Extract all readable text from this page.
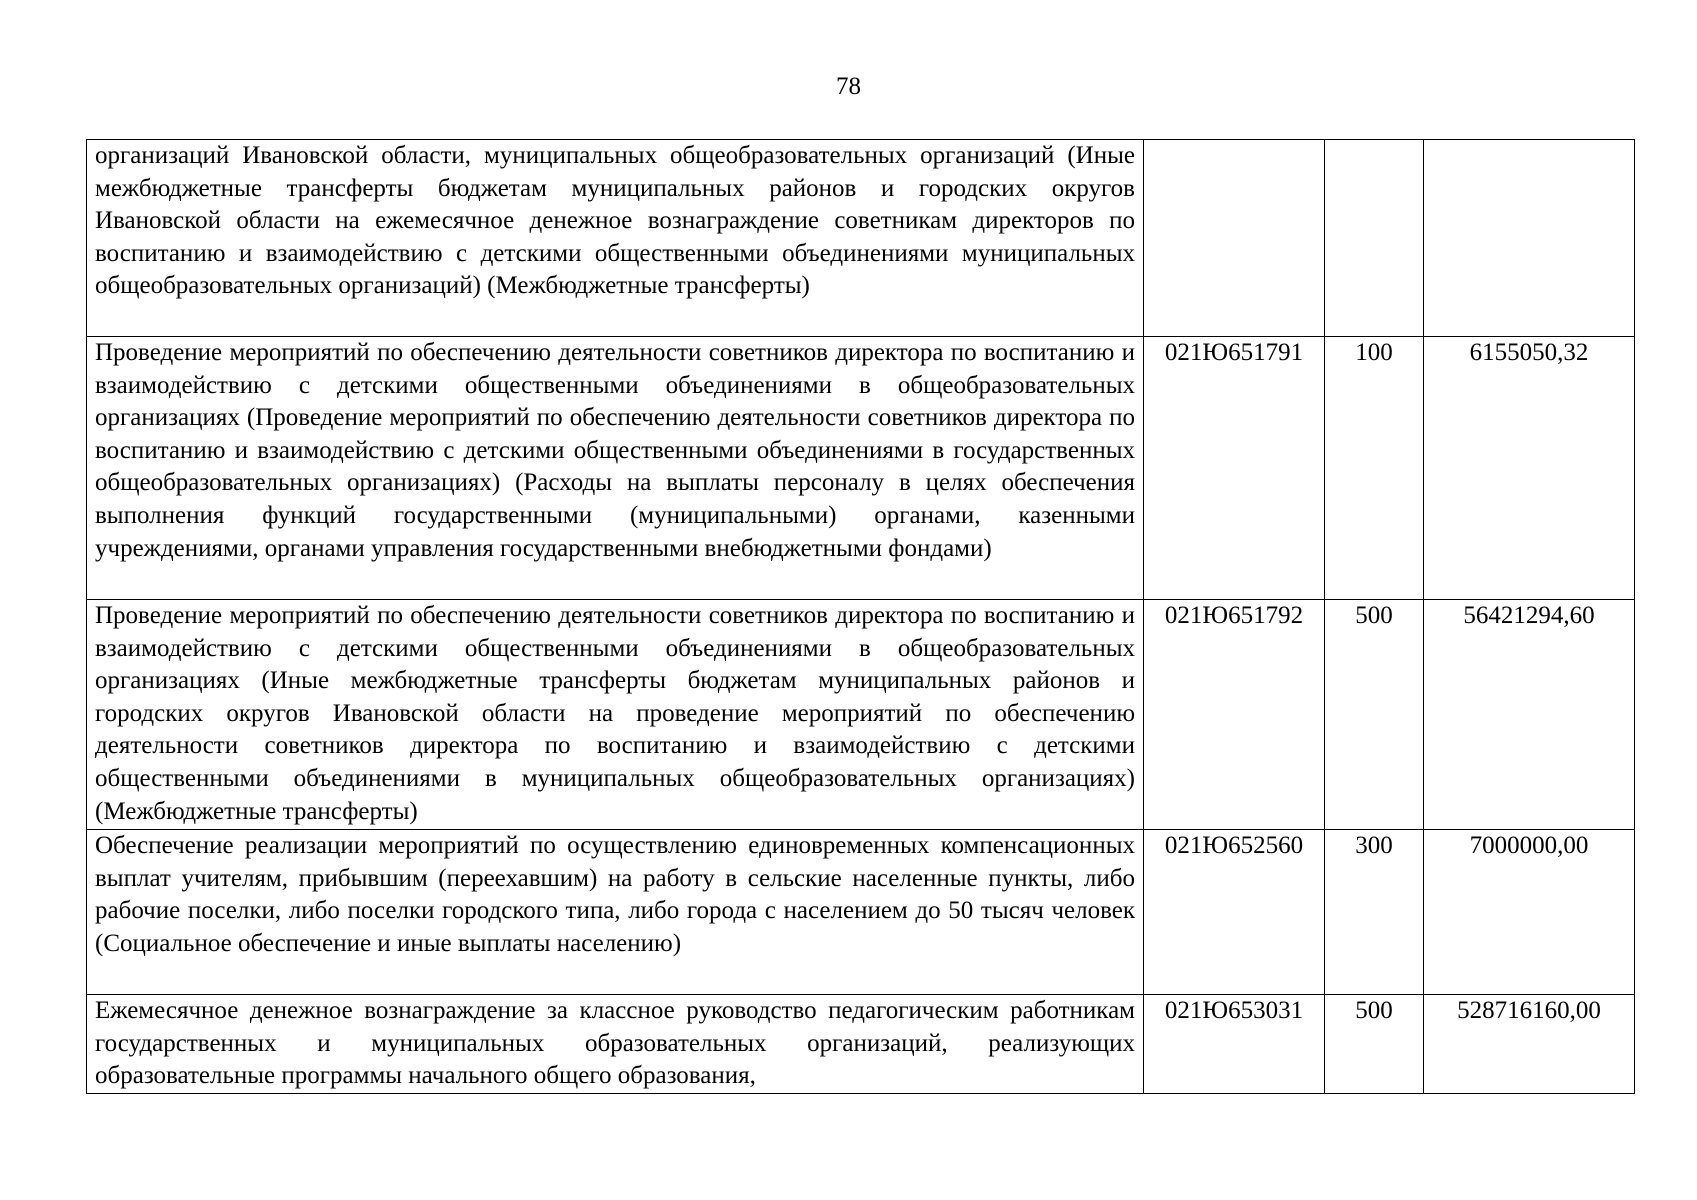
78
организаций Ивановской области, муниципальных общеобразовательных организаций (Иные межбюджетные трансферты бюджетам муниципальных районов и городских округов Ивановской области на ежемесячное денежное вознаграждение советникам директоров по воспитанию и взаимодействию с детскими общественными объединениями муниципальных общеобразовательных организаций) (Межбюджетные трансферты)			
Проведение мероприятий по обеспечению деятельности советников директора по воспитанию и взаимодействию с детскими общественными объединениями в общеобразовательных организациях (Проведение мероприятий по обеспечению деятельности советников директора по воспитанию и взаимодействию с детскими общественными объединениями в государственных общеобразовательных организациях) (Расходы на выплаты персоналу в целях обеспечения выполнения функций государственными (муниципальными) органами, казенными учреждениями, органами управления государственными внебюджетными фондами)	021Ю651791	100	6155050,32
Проведение мероприятий по обеспечению деятельности советников директора по воспитанию и взаимодействию с детскими общественными объединениями в общеобразовательных организациях (Иные межбюджетные трансферты бюджетам муниципальных районов и городских округов Ивановской области на проведение мероприятий по обеспечению деятельности советников директора по воспитанию и взаимодействию с детскими общественными объединениями в муниципальных общеобразовательных организациях) (Межбюджетные трансферты)	021Ю651792	500	56421294,60
Обеспечение реализации мероприятий по осуществлению единовременных компенсационных выплат учителям, прибывшим (переехавшим) на работу в сельские населенные пункты, либо рабочие поселки, либо поселки городского типа, либо города с населением до 50 тысяч человек (Социальное обеспечение и иные выплаты населению)	021Ю652560	300	7000000,00
Ежемесячное денежное вознаграждение за классное руководство педагогическим работникам государственных и муниципальных образовательных организаций, реализующих образовательные программы начального общего образования,	021Ю653031	500	528716160,00
